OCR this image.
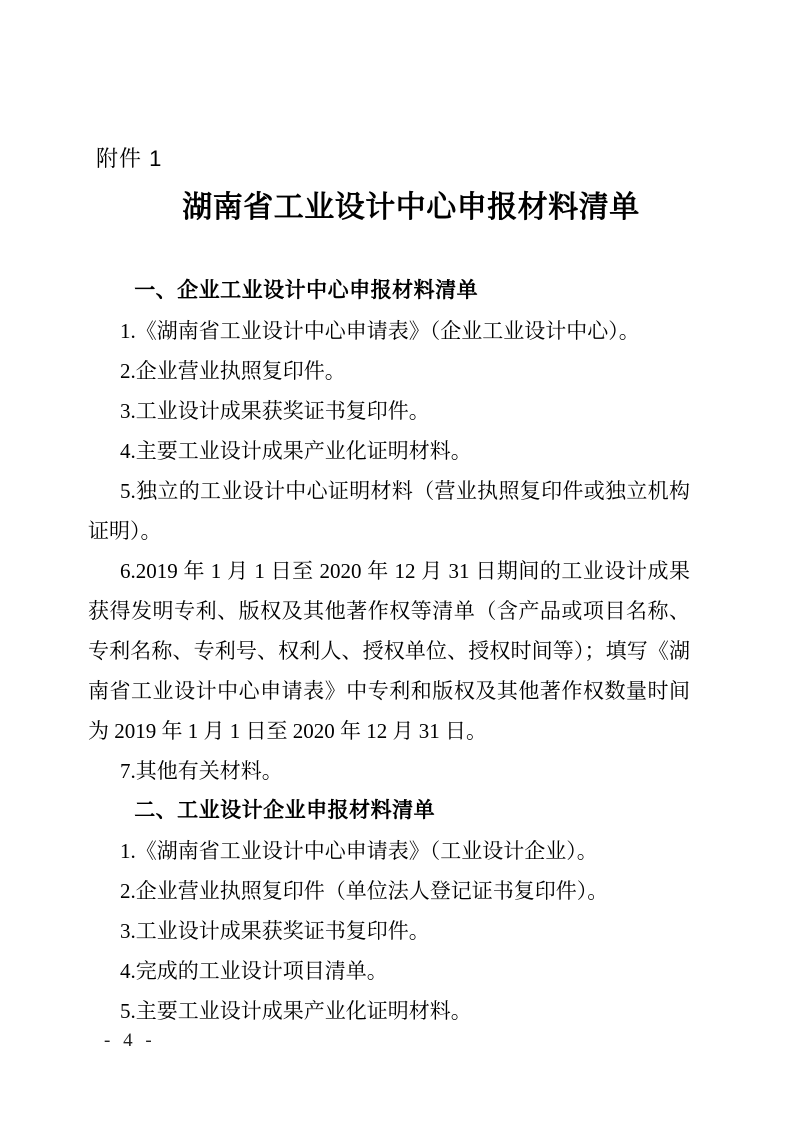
附件 1

湖南省工业设计中心申报材料清单

一、企业工业设计中心申报材料清单

1.《湖南省工业设计中心申请表》（企业工业设计中心）。

2.企业营业执照复印件。

3.工业设计成果获奖证书复印件。

4.主要工业设计成果产业化证明材料。

5.独立的工业设计中心证明材料（营业执照复印件或独立机构证明）。

6.2019 年 1 月 1 日至 2020 年 12 月 31 日期间的工业设计成果获得发明专利、版权及其他著作权等清单（含产品或项目名称、专利名称、专利号、权利人、授权单位、授权时间等）；填写《湖南省工业设计中心申请表》中专利和版权及其他著作权数量时间为 2019 年 1 月 1 日至 2020 年 12 月 31 日。

7.其他有关材料。

二、工业设计企业申报材料清单

1.《湖南省工业设计中心申请表》（工业设计企业）。

2.企业营业执照复印件（单位法人登记证书复印件）。

3.工业设计成果获奖证书复印件。

4.完成的工业设计项目清单。

5.主要工业设计成果产业化证明材料。

- 4 -
